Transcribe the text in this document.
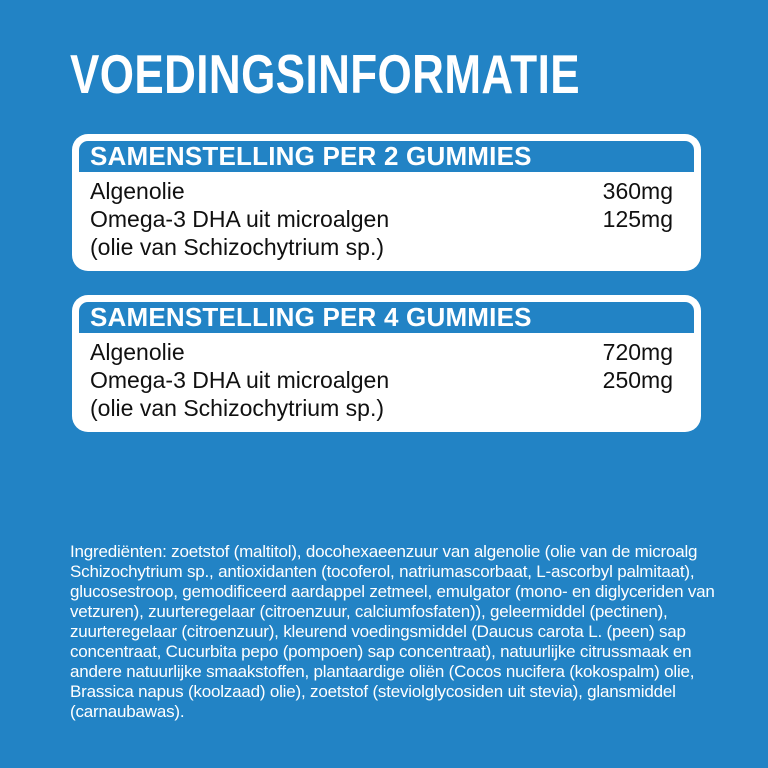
VOEDINGSINFORMATIE
SAMENSTELLING PER 2 GUMMIES
Algenolie	360mg
Omega-3 DHA uit microalgen	125mg
(olie van Schizochytrium sp.)
SAMENSTELLING PER 4 GUMMIES
Algenolie	720mg
Omega-3 DHA uit microalgen	250mg
(olie van Schizochytrium sp.)

Ingrediënten: zoetstof (maltitol), docohexaeenzuur van algenolie (olie van de microalg Schizochytrium sp., antioxidanten (tocoferol, natriumascorbaat, L-ascorbyl palmitaat), glucosestroop, gemodificeerd aardappel zetmeel, emulgator (mono- en diglyceriden van vetzuren), zuurteregelaar (citroenzuur, calciumfosfaten)), geleermiddel (pectinen), zuurteregelaar (citroenzuur), kleurend voedingsmiddel (Daucus carota L. (peen) sap concentraat, Cucurbita pepo (pompoen) sap concentraat), natuurlijke citrussmaak en andere natuurlijke smaakstoffen, plantaardige oliën (Cocos nucifera (kokospalm) olie, Brassica napus (koolzaad) olie), zoetstof (steviolglycosiden uit stevia), glansmiddel (carnaubawas).
